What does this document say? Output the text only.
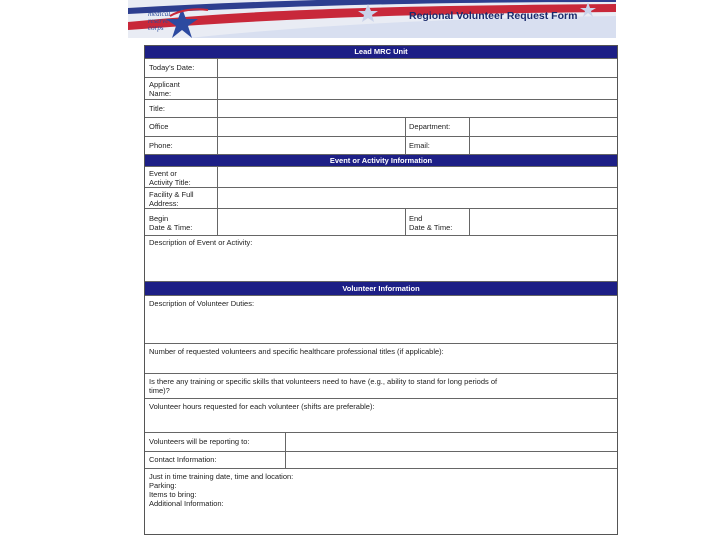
medical
reserve
corps
Regional Volunteer Request Form
Lead MRC Unit
Today’s Date:
Applicant
Name:
Title:
Office	Department:
Phone:	Email:
Event or Activity Information
Event or
Activity Title:
Facility & Full
Address:
Begin
Date & Time:
End
Date & Time:
Description of Event or Activity:
Volunteer Information
Description of Volunteer Duties:
Number of requested volunteers and specific healthcare professional titles (if applicable):
Is there any training or specific skills that volunteers need to have (e.g., ability to stand for long periods of
time)?
Volunteer hours requested for each volunteer (shifts are preferable):
Volunteers will be reporting to:
Contact Information:
Just in time training date, time and location:
Parking:
Items to bring:
Additional Information:
